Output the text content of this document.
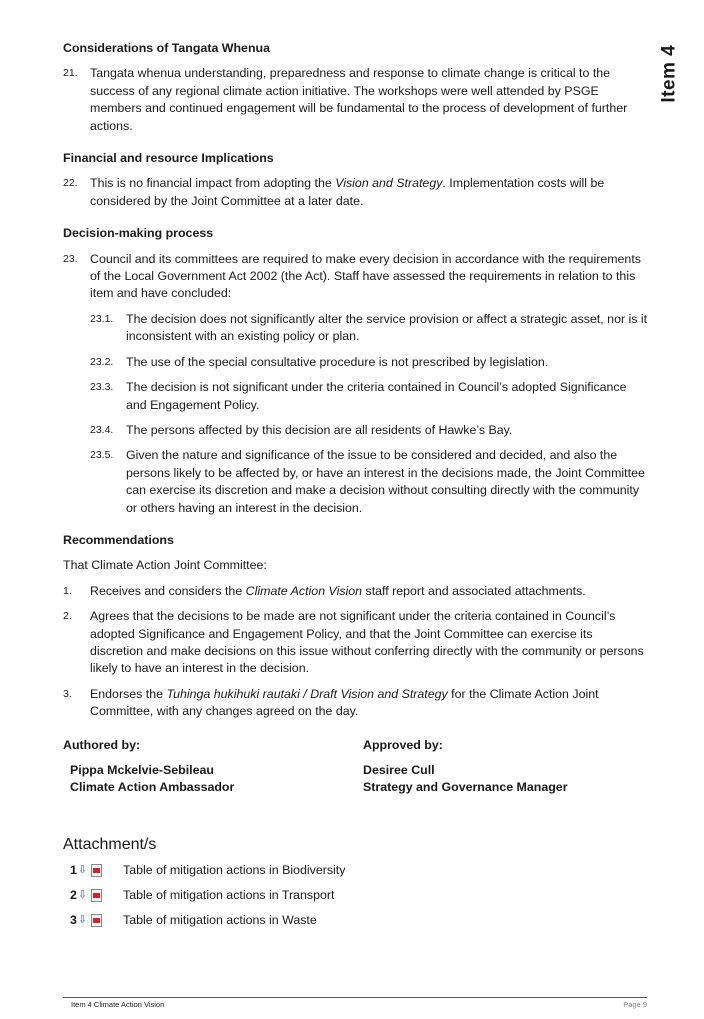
Item 4
Considerations of Tangata Whenua

21. Tangata whenua understanding, preparedness and response to climate change is critical to the success of any regional climate action initiative. The workshops were well attended by PSGE members and continued engagement will be fundamental to the process of development of further actions.

Financial and resource Implications

22. This is no financial impact from adopting the Vision and Strategy. Implementation costs will be considered by the Joint Committee at a later date.

Decision-making process

23. Council and its committees are required to make every decision in accordance with the requirements of the Local Government Act 2002 (the Act). Staff have assessed the requirements in relation to this item and have concluded:

23.1. The decision does not significantly alter the service provision or affect a strategic asset, nor is it inconsistent with an existing policy or plan.

23.2. The use of the special consultative procedure is not prescribed by legislation.

23.3. The decision is not significant under the criteria contained in Council’s adopted Significance and Engagement Policy.

23.4. The persons affected by this decision are all residents of Hawke’s Bay.

23.5. Given the nature and significance of the issue to be considered and decided, and also the persons likely to be affected by, or have an interest in the decisions made, the Joint Committee can exercise its discretion and make a decision without consulting directly with the community or others having an interest in the decision.

Recommendations

That Climate Action Joint Committee:

1. Receives and considers the Climate Action Vision staff report and associated attachments.

2. Agrees that the decisions to be made are not significant under the criteria contained in Council’s adopted Significance and Engagement Policy, and that the Joint Committee can exercise its discretion and make decisions on this issue without conferring directly with the community or persons likely to have an interest in the decision.

3. Endorses the Tuhinga hukihuki rautaki / Draft Vision and Strategy for the Climate Action Joint Committee, with any changes agreed on the day.

Authored by:
Pippa Mckelvie-Sebileau
Climate Action Ambassador
Approved by:
Desiree Cull
Strategy and Governance Manager
Attachment/s
1 ⇩	Table of mitigation actions in Biodiversity
2 ⇩	Table of mitigation actions in Transport
3 ⇩	Table of mitigation actions in Waste
Item 4 Climate Action Vision	Page 9
